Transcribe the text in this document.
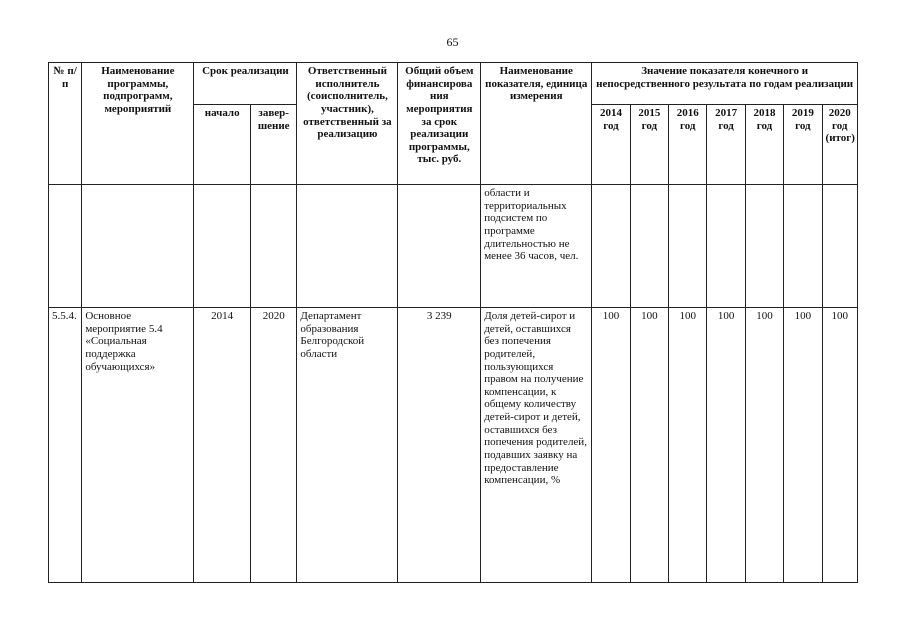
65
№ п/п	Наименование программы, подпрограмм, мероприятий	Срок реализации		Ответственный исполнитель (соисполнитель, участник), ответственный за реализацию	Общий объем финансирова ния мероприятия за срок реализации программы, тыс. руб.	Наименование показателя, единица измерения	Значение показателя конечного и непосредственного результата по годам реализации						
		начало	завер-шение				2014 год	2015 год	2016 год	2017 год	2018 год	2019 год	2020 год (итог)
						области и территориальных подсистем по программе длительностью не менее 36 часов, чел.							
5.5.4.	Основное мероприятие 5.4 «Социальная поддержка обучающихся»	2014	2020	Департамент образования Белгородской области	3 239	Доля детей-сирот и детей, оставшихся без попечения родителей, пользующихся правом на получение компенсации, к общему количеству детей-сирот и детей, оставшихся без попечения родителей, подавших заявку на предоставление компенсации, %	100	100	100	100	100	100	100
